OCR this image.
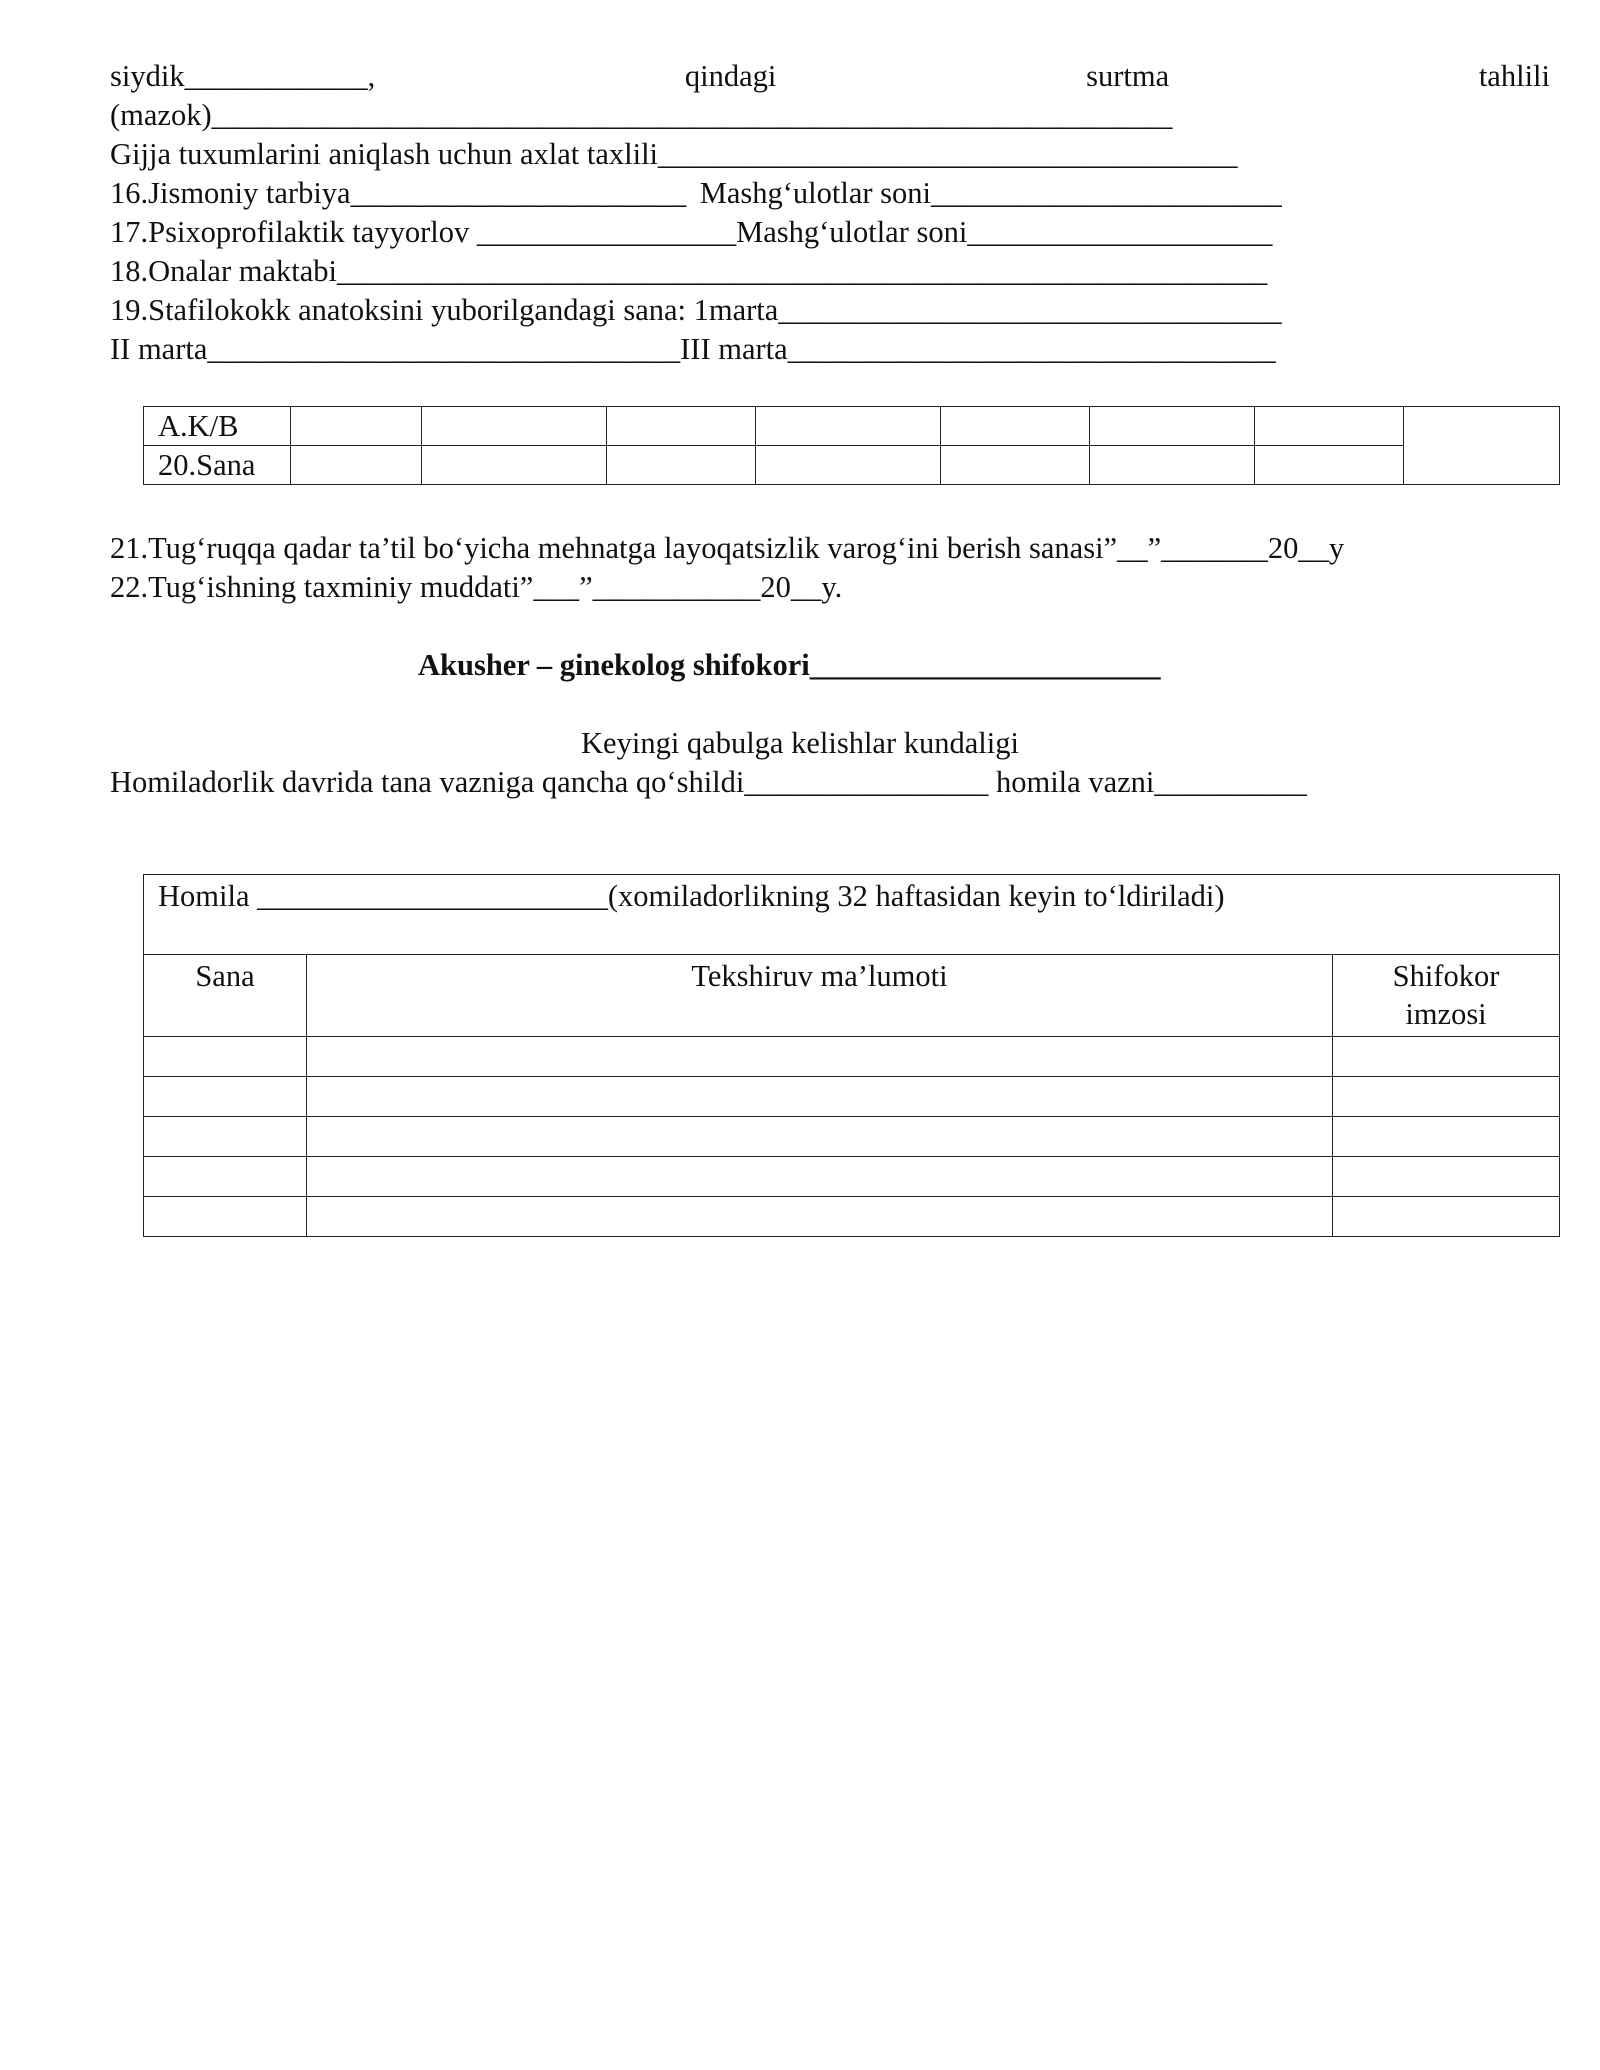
siydik____________,	qindagi	surtma	tahlili
(mazok)_______________________________________________________________
Gijja tuxumlarini aniqlash uchun axlat taxlili______________________________________
16.Jismoniy tarbiya______________________ Mashg‘ulotlar soni_______________________
17.Psixoprofilaktik tayyorlov _________________Mashg‘ulotlar soni____________________
18.Onalar maktabi_____________________________________________________________
19.Stafilokokk anatoksini yuborilgandagi sana: 1marta_________________________________
II marta_______________________________III marta________________________________
A.K/B								
20.Sana								
21.Tug‘ruqqa qadar ta’til bo‘yicha mehnatga layoqatsizlik varog‘ini berish sanasi”__”_______20__y
22.Tug‘ishning taxminiy muddati”___”___________20__y.
Akusher – ginekolog shifokori_______________________
Keyingi qabulga kelishlar kundaligi
Homiladorlik davrida tana vazniga qancha qo‘shildi________________ homila vazni__________
Homila _______________________(xomiladorlikning 32 haftasidan keyin to‘ldiriladi)		

Sana	Tekshiruv ma’lumoti	Shifokor
imzosi
